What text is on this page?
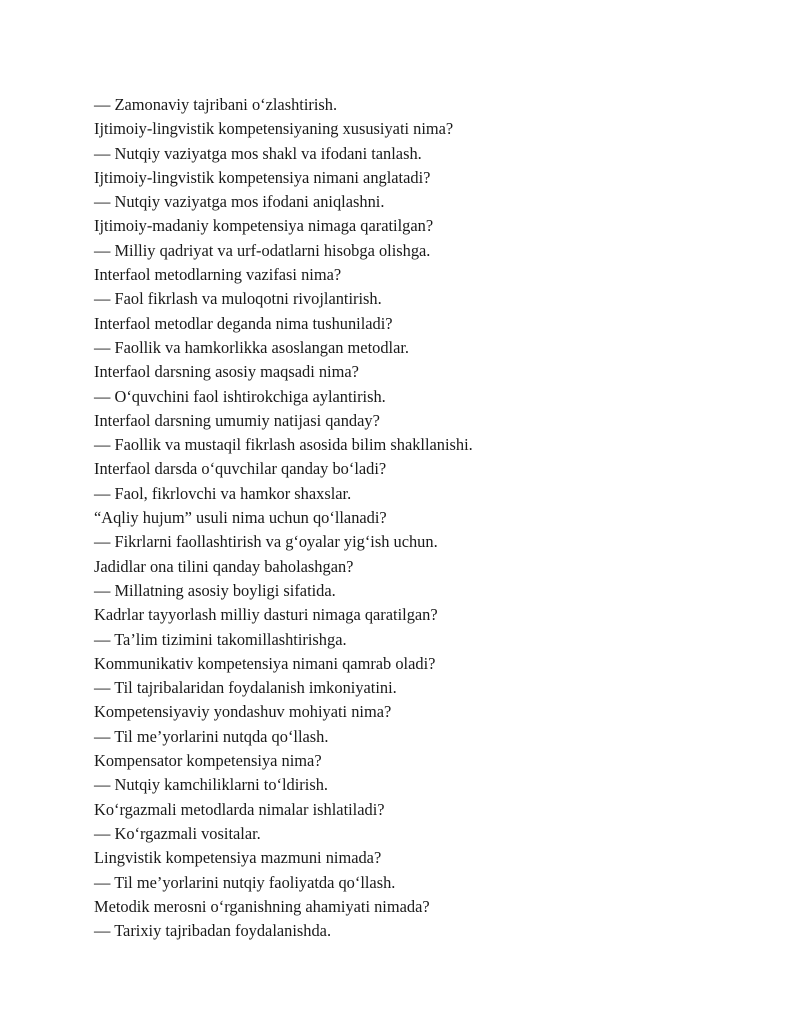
— Zamonaviy tajribani o‘zlashtirish.

Ijtimoiy-lingvistik kompetensiyaning xususiyati nima?

— Nutqiy vaziyatga mos shakl va ifodani tanlash.

Ijtimoiy-lingvistik kompetensiya nimani anglatadi?

— Nutqiy vaziyatga mos ifodani aniqlashni.

Ijtimoiy-madaniy kompetensiya nimaga qaratilgan?

— Milliy qadriyat va urf-odatlarni hisobga olishga.

Interfaol metodlarning vazifasi nima?

— Faol fikrlash va muloqotni rivojlantirish.

Interfaol metodlar deganda nima tushuniladi?

— Faollik va hamkorlikka asoslangan metodlar.

Interfaol darsning asosiy maqsadi nima?

— O‘quvchini faol ishtirokchiga aylantirish.

Interfaol darsning umumiy natijasi qanday?

— Faollik va mustaqil fikrlash asosida bilim shakllanishi.

Interfaol darsda o‘quvchilar qanday bo‘ladi?

— Faol, fikrlovchi va hamkor shaxslar.

“Aqliy hujum” usuli nima uchun qo‘llanadi?

— Fikrlarni faollashtirish va g‘oyalar yig‘ish uchun.

Jadidlar ona tilini qanday baholashgan?

— Millatning asosiy boyligi sifatida.

Kadrlar tayyorlash milliy dasturi nimaga qaratilgan?

— Ta’lim tizimini takomillashtirishga.

Kommunikativ kompetensiya nimani qamrab oladi?

— Til tajribalaridan foydalanish imkoniyatini.

Kompetensiyaviy yondashuv mohiyati nima?

— Til me’yorlarini nutqda qo‘llash.

Kompensator kompetensiya nima?

— Nutqiy kamchiliklarni to‘ldirish.

Ko‘rgazmali metodlarda nimalar ishlatiladi?

— Ko‘rgazmali vositalar.

Lingvistik kompetensiya mazmuni nimada?

— Til me’yorlarini nutqiy faoliyatda qo‘llash.

Metodik merosni o‘rganishning ahamiyati nimada?

— Tarixiy tajribadan foydalanishda.
